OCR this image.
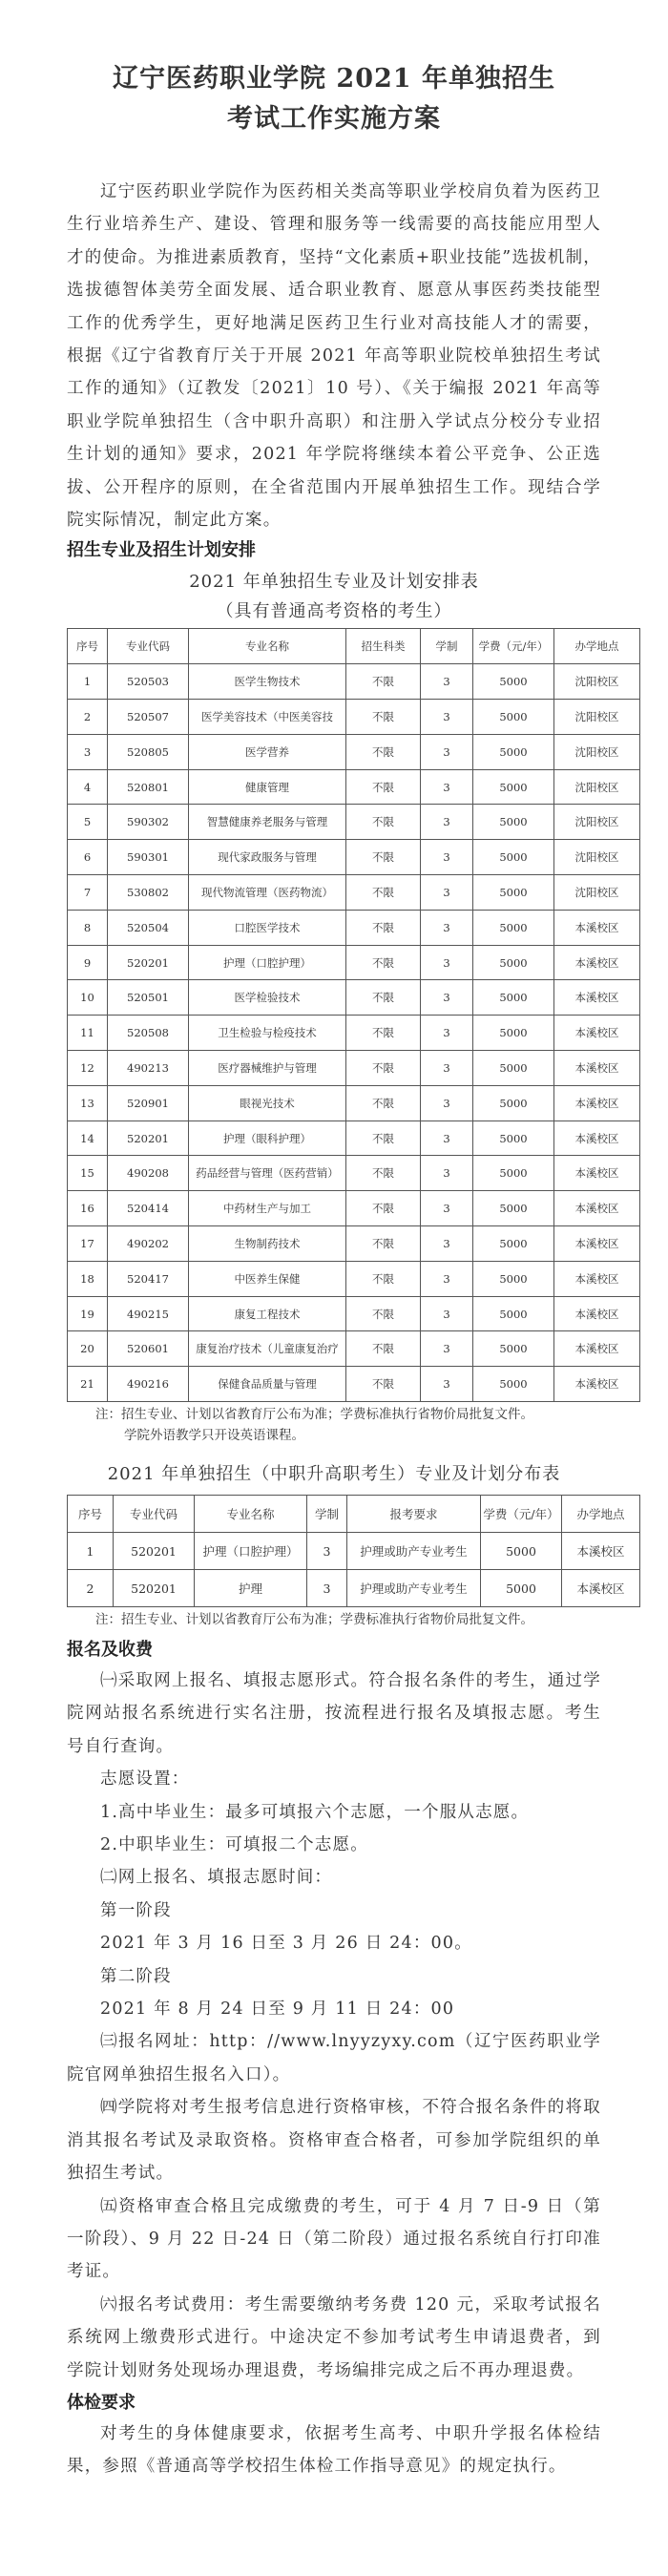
辽宁医药职业学院 2021 年单独招生
考试工作实施方案

辽宁医药职业学院作为医药相关类高等职业学校肩负着为医药卫生行业培养生产、建设、管理和服务等一线需要的高技能应用型人才的使命。为推进素质教育，坚持“文化素质+职业技能”选拔机制，选拔德智体美劳全面发展、适合职业教育、愿意从事医药类技能型工作的优秀学生，更好地满足医药卫生行业对高技能人才的需要，根据《辽宁省教育厅关于开展 2021 年高等职业院校单独招生考试工作的通知》（辽教发〔2021〕10 号）、《关于编报 2021 年高等职业学院单独招生（含中职升高职）和注册入学试点分校分专业招生计划的通知》要求，2021 年学院将继续本着公平竞争、公正选拔、公开程序的原则，在全省范围内开展单独招生工作。现结合学院实际情况，制定此方案。

招生专业及招生计划安排

2021 年单独招生专业及计划安排表
（具有普通高考资格的考生）
序号	专业代码	专业名称	招生科类	学制	学费（元/年）	办学地点
1	520503	医学生物技术	不限	3	5000	沈阳校区
2	520507	医学美容技术（中医美容技	不限	3	5000	沈阳校区
3	520805	医学营养	不限	3	5000	沈阳校区
4	520801	健康管理	不限	3	5000	沈阳校区
5	590302	智慧健康养老服务与管理	不限	3	5000	沈阳校区
6	590301	现代家政服务与管理	不限	3	5000	沈阳校区
7	530802	现代物流管理（医药物流）	不限	3	5000	沈阳校区
8	520504	口腔医学技术	不限	3	5000	本溪校区
9	520201	护理（口腔护理）	不限	3	5000	本溪校区
10	520501	医学检验技术	不限	3	5000	本溪校区
11	520508	卫生检验与检疫技术	不限	3	5000	本溪校区
12	490213	医疗器械维护与管理	不限	3	5000	本溪校区
13	520901	眼视光技术	不限	3	5000	本溪校区
14	520201	护理（眼科护理）	不限	3	5000	本溪校区
15	490208	药品经营与管理（医药营销）	不限	3	5000	本溪校区
16	520414	中药材生产与加工	不限	3	5000	本溪校区
17	490202	生物制药技术	不限	3	5000	本溪校区
18	520417	中医养生保健	不限	3	5000	本溪校区
19	490215	康复工程技术	不限	3	5000	本溪校区
20	520601	康复治疗技术（儿童康复治疗	不限	3	5000	本溪校区
21	490216	保健食品质量与管理	不限	3	5000	本溪校区

注：招生专业、计划以省教育厅公布为准；学费标准执行省物价局批复文件。

学院外语教学只开设英语课程。

2021 年单独招生（中职升高职考生）专业及计划分布表
序号	专业代码	专业名称	学制	报考要求	学费（元/年）	办学地点
1	520201	护理（口腔护理）	3	护理或助产专业考生	5000	本溪校区
2	520201	护理	3	护理或助产专业考生	5000	本溪校区

注：招生专业、计划以省教育厅公布为准；学费标准执行省物价局批复文件。

报名及收费

㈠采取网上报名、填报志愿形式。符合报名条件的考生，通过学院网站报名系统进行实名注册，按流程进行报名及填报志愿。考生号自行查询。

志愿设置：

1.高中毕业生：最多可填报六个志愿，一个服从志愿。

2.中职毕业生：可填报二个志愿。

㈡网上报名、填报志愿时间：

第一阶段

2021 年 3 月 16 日至 3 月 26 日 24：00。

第二阶段

2021 年 8 月 24 日至 9 月 11 日 24：00

㈢报名网址：http：//www.lnyyzyxy.com（辽宁医药职业学院官网单独招生报名入口）。

㈣学院将对考生报考信息进行资格审核，不符合报名条件的将取消其报名考试及录取资格。资格审查合格者，可参加学院组织的单独招生考试。

㈤资格审查合格且完成缴费的考生，可于 4 月 7 日-9 日（第一阶段）、9 月 22 日-24 日（第二阶段）通过报名系统自行打印准考证。

㈥报名考试费用：考生需要缴纳考务费 120 元，采取考试报名系统网上缴费形式进行。中途决定不参加考试考生申请退费者，到学院计划财务处现场办理退费，考场编排完成之后不再办理退费。

体检要求

对考生的身体健康要求，依据考生高考、中职升学报名体检结果，参照《普通高等学校招生体检工作指导意见》的规定执行。
